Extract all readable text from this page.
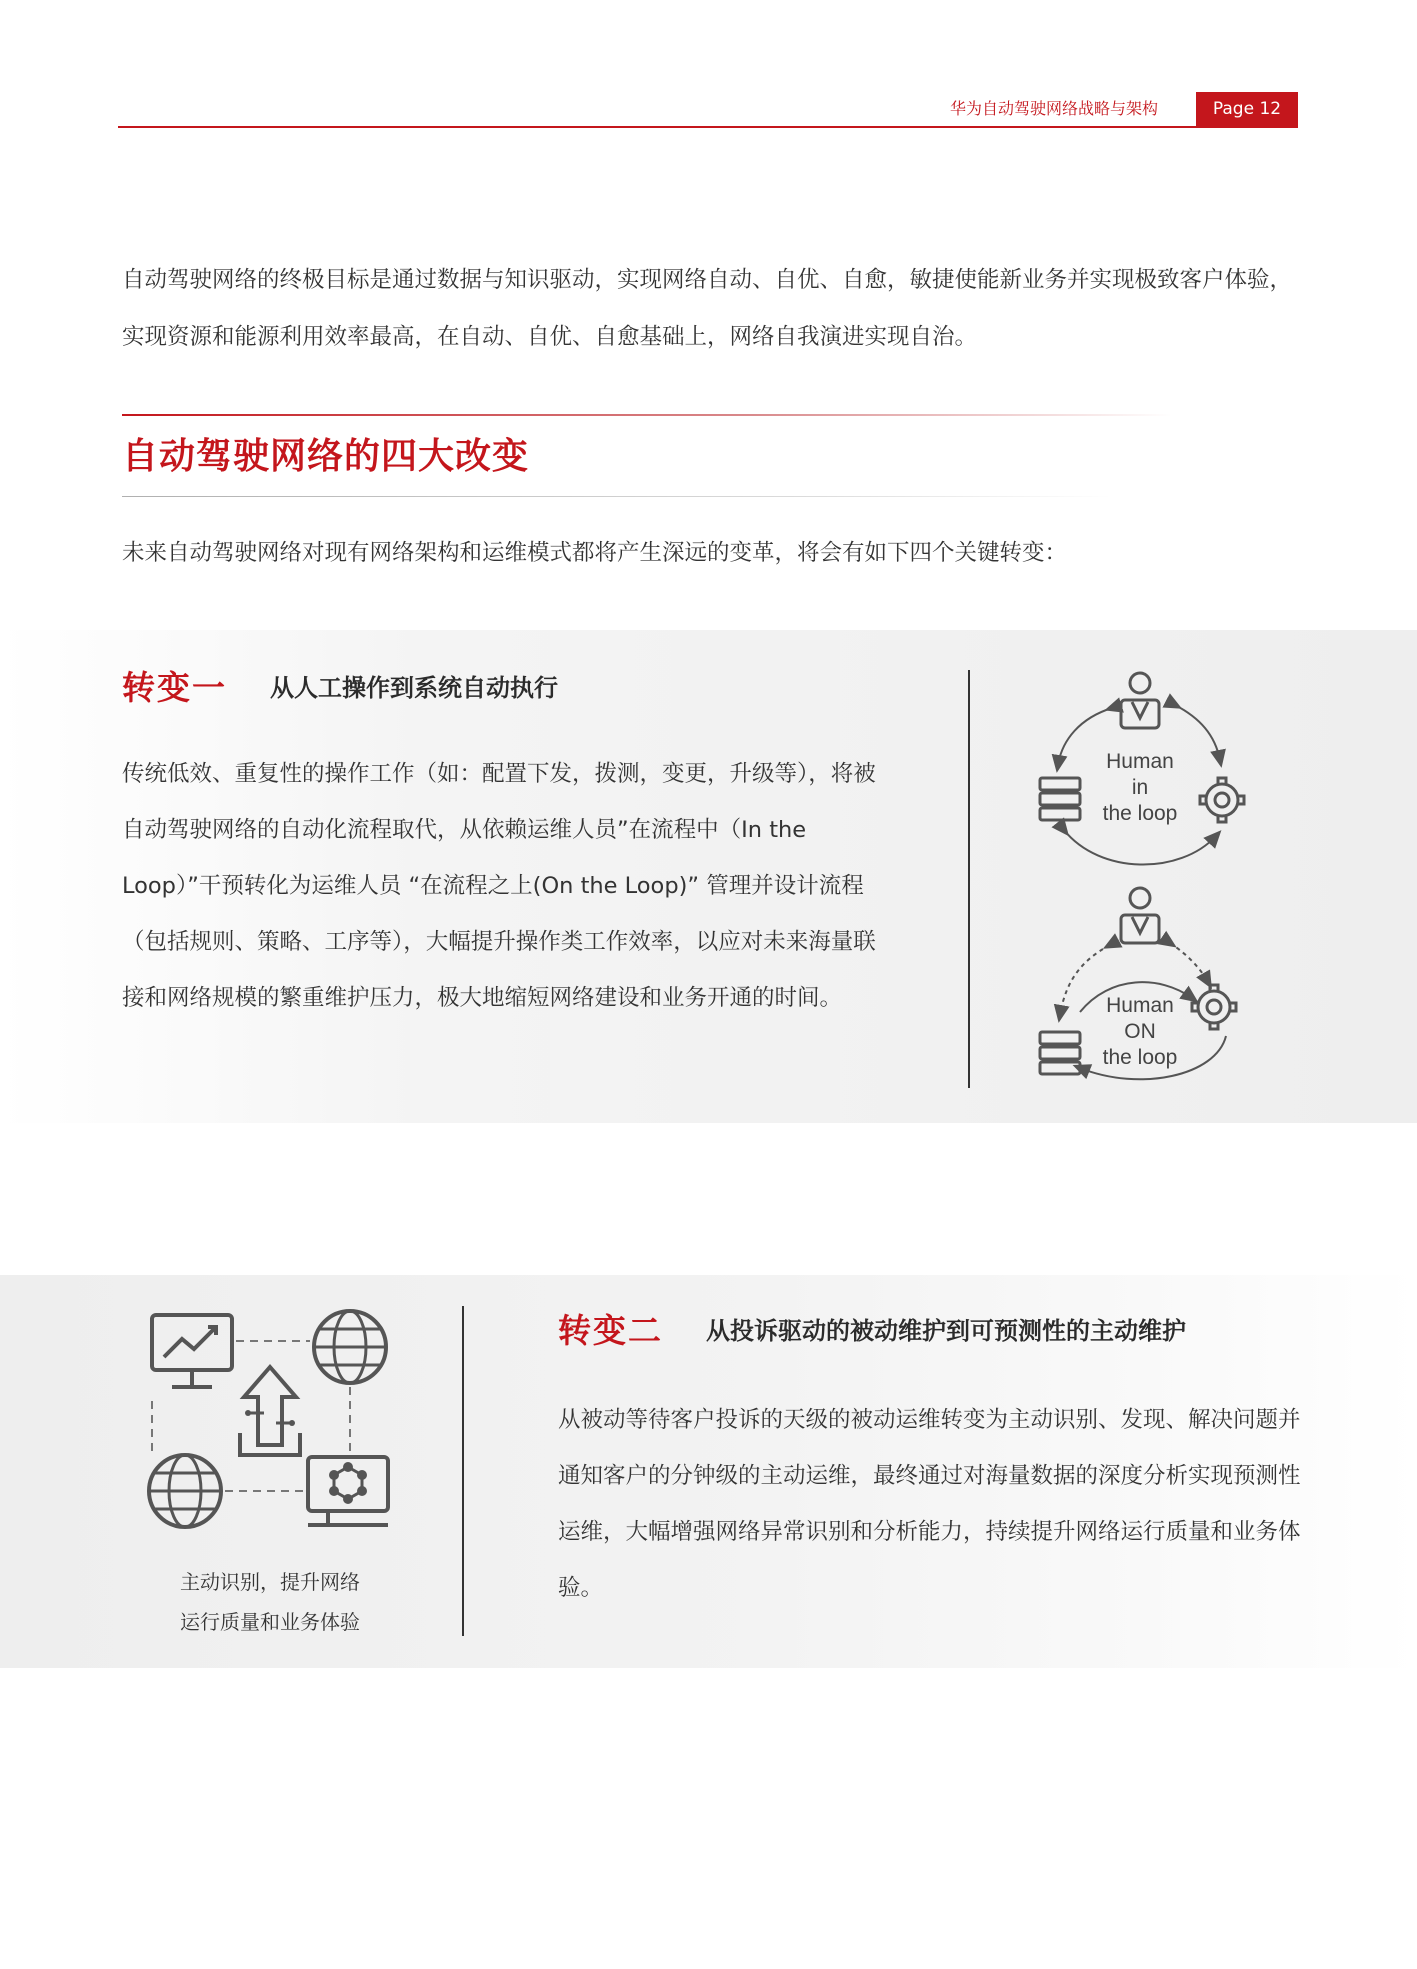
华为自动驾驶网络战略与架构	Page 12
自动驾驶网络的终极目标是通过数据与知识驱动，实现网络自动、自优、自愈，敏捷使能新业务并实现极致客户体验，实现资源和能源利用效率最高，在自动、自优、自愈基础上，网络自我演进实现自治。
自动驾驶网络的四大改变
未来自动驾驶网络对现有网络架构和运维模式都将产生深远的变革，将会有如下四个关键转变：
转变一 从人工操作到系统自动执行
传统低效、重复性的操作工作（如：配置下发，拨测，变更，升级等），将被自动驾驶网络的自动化流程取代，从依赖运维人员”在流程中（In the Loop）”干预转化为运维人员 “在流程之上(On the Loop)” 管理并设计流程（包括规则、策略、工序等），大幅提升操作类工作效率，以应对未来海量联接和网络规模的繁重维护压力，极大地缩短网络建设和业务开通的时间。
Human
in
the loop
Human
ON
the loop
主动识别，提升网络
运行质量和业务体验
转变二 从投诉驱动的被动维护到可预测性的主动维护
从被动等待客户投诉的天级的被动运维转变为主动识别、发现、解决问题并通知客户的分钟级的主动运维，最终通过对海量数据的深度分析实现预测性运维，大幅增强网络异常识别和分析能力，持续提升网络运行质量和业务体验。
